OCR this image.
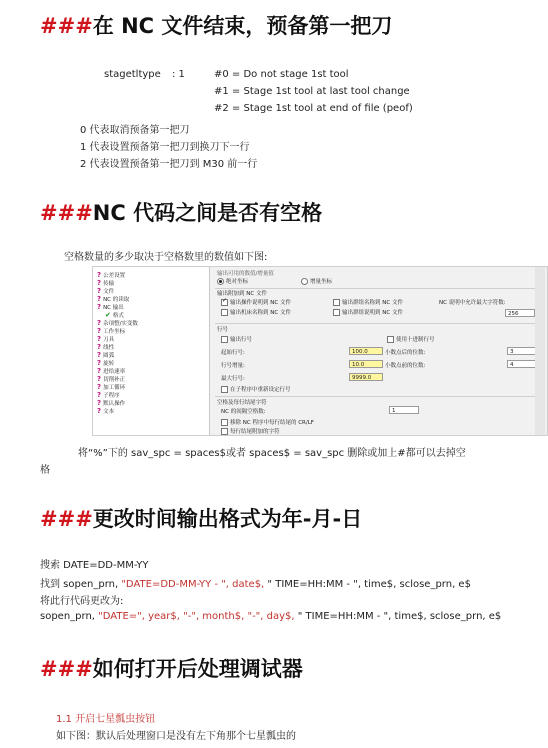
###在 NC 文件结束，预备第一把刀
stagetltype : 1	#0 = Do not stage 1st tool
#1 = Stage 1st tool at last tool change
#2 = Stage 1st tool at end of file (peof)
0 代表取消预备第一把刀
1 代表设置预备第一把刀到换刀下一行
2 代表设置预备第一把刀到 M30 前一行
###NC 代码之间是否有空格
空格数量的多少取决于空格数里的数值如下图:
? 公差设置
? 传输
? 文件
? NC 的读取
? NC 输出
✔ 格式
? 杂项整/实变数
? 工作坐标
? 刀具
? 线性
? 圆弧
? 旋转
? 进给速率
? 切削补正
? 加工循环
? 子程序
? 默认操作
? 文本
输出可用的数值/增量值
绝对坐标	增量坐标
输出附加到 NC 文件
✓输出操作说明到 NC 文件	输出群组名称到 NC 文件
输出机床名称到 NC 文件	输出群组说明到 NC 文件
NC 说明中允许最大字符数:
256
行号
输出行号	使用十进制行号
起始行号:	100.0	小数点后的位数:	3
行号增量:	10.0	小数点前的位数:	4
最大行号:	9999.0
在子程序中重新设定行号
空格及每行结尾字符
NC 的间隔空格数:	1
移除 NC 程序中每行结尾的 CR/LF
每行结尾附加的字符
将“%”下的 sav_spc = spaces$或者 spaces$ = sav_spc 删除或加上#都可以去掉空
格
###更改时间输出格式为年-月-日
搜索 DATE=DD-MM-YY
找到 sopen_prn, "DATE=DD-MM-YY - ", date$, " TIME=HH:MM - ", time$, sclose_prn, e$
将此行代码更改为:
sopen_prn, "DATE=", year$, "-", month$, "-", day$, " TIME=HH:MM - ", time$, sclose_prn, e$
###如何打开后处理调试器
1.1 开启七星瓢虫按钮
如下图：默认后处理窗口是没有左下角那个七星瓢虫的
